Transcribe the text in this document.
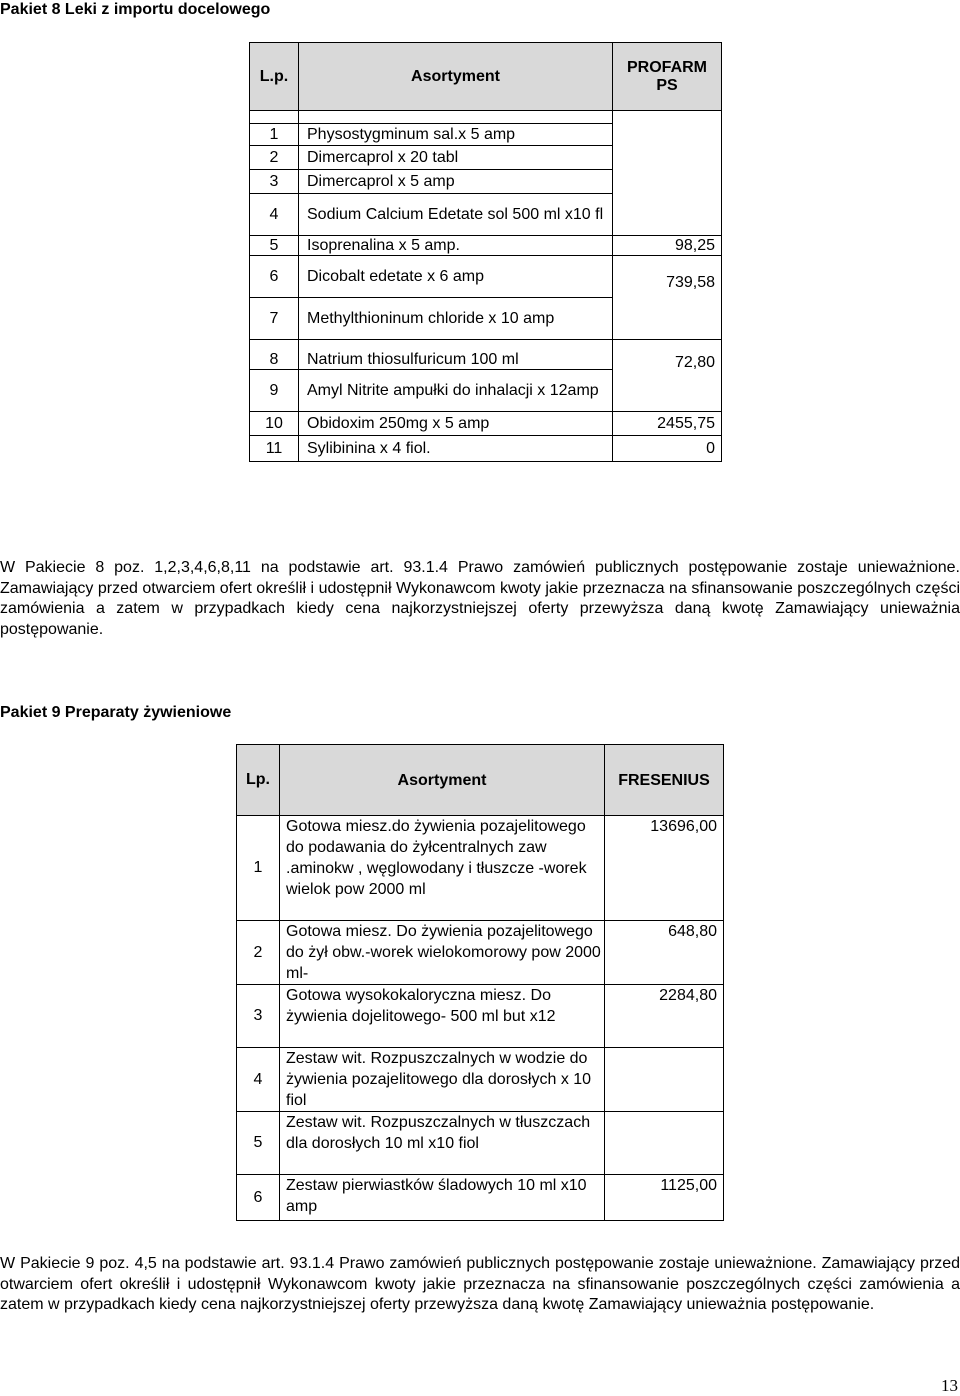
Pakiet 8 Leki z importu docelowego
L.p.	Asortyment	PROFARM PS

1	Physostygminum sal.x 5 amp	
2	Dimercaprol x 20 tabl	
3	Dimercaprol x 5 amp	
4	Sodium Calcium Edetate sol 500 ml x10 fl	
5	Isoprenalina x 5 amp.	98,25
6	Dicobalt edetate x 6 amp	739,58
7	Methylthioninum chloride x 10 amp	
8	Natrium thiosulfuricum 100 ml	72,80
9	Amyl Nitrite ampułki do inhalacji x 12amp	
10	Obidoxim 250mg x 5 amp	2455,75
11	Sylibinina x 4 fiol.	0
W Pakiecie 8 poz. 1,2,3,4,6,8,11 na podstawie art. 93.1.4 Prawo zamówień publicznych postępowanie zostaje unieważnione. Zamawiający przed otwarciem ofert określił i udostępnił Wykonawcom kwoty jakie przeznacza na sfinansowanie poszczególnych części zamówienia a zatem w przypadkach kiedy cena najkorzystniejszej oferty przewyższa daną kwotę Zamawiający unieważnia postępowanie.
Pakiet 9 Preparaty żywieniowe
Lp.	Asortyment	FRESENIUS
1	Gotowa miesz.do żywienia pozajelitowego do podawania do żyłcentralnych zaw .aminokw , węglowodany i tłuszcze -worek wielok pow 2000 ml	13696,00
2	Gotowa miesz. Do żywienia pozajelitowego do żył obw.-worek wielokomorowy pow 2000 ml-	648,80
3	Gotowa wysokokaloryczna miesz. Do żywienia dojelitowego- 500 ml but x12	2284,80
4	Zestaw wit. Rozpuszczalnych w wodzie do żywienia pozajelitowego dla dorosłych x 10 fiol	
5	Zestaw wit. Rozpuszczalnych w tłuszczach dla dorosłych 10 ml x10 fiol	
6	Zestaw pierwiastków śladowych 10 ml x10 amp	1125,00
W Pakiecie 9 poz. 4,5 na podstawie art. 93.1.4 Prawo zamówień publicznych postępowanie zostaje unieważnione. Zamawiający przed otwarciem ofert określił i udostępnił Wykonawcom kwoty jakie przeznacza na sfinansowanie poszczególnych części zamówienia a zatem w przypadkach kiedy cena najkorzystniejszej oferty przewyższa daną kwotę Zamawiający unieważnia postępowanie.
13
